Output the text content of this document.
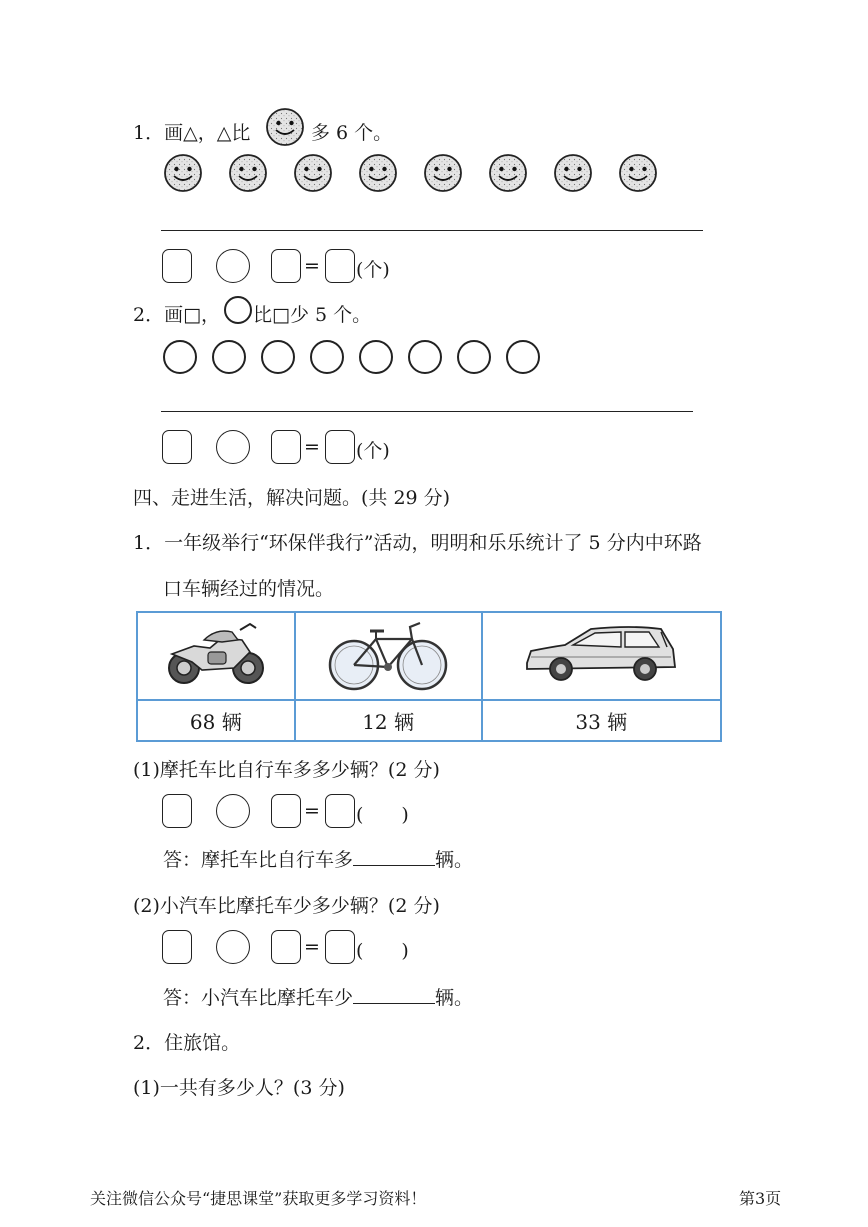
1．画△，△比	多 6 个。
= (个)
2．画□， 比□少 5 个。
= (个)
四、走进生活，解决问题。(共 29 分)
1．一年级举行“环保伴我行”活动，明明和乐乐统计了 5 分内中环路
口车辆经过的情况。

68 辆	12 辆	33 辆
(1)摩托车比自行车多多少辆？(2 分)
= (　　)
答：摩托车比自行车多	辆。
(2)小汽车比摩托车少多少辆？(2 分)
= (　　)
答：小汽车比摩托车少	辆。
2．住旅馆。
(1)一共有多少人？(3 分)
关注微信公众号“捷思课堂”获取更多学习资料！	第3页
